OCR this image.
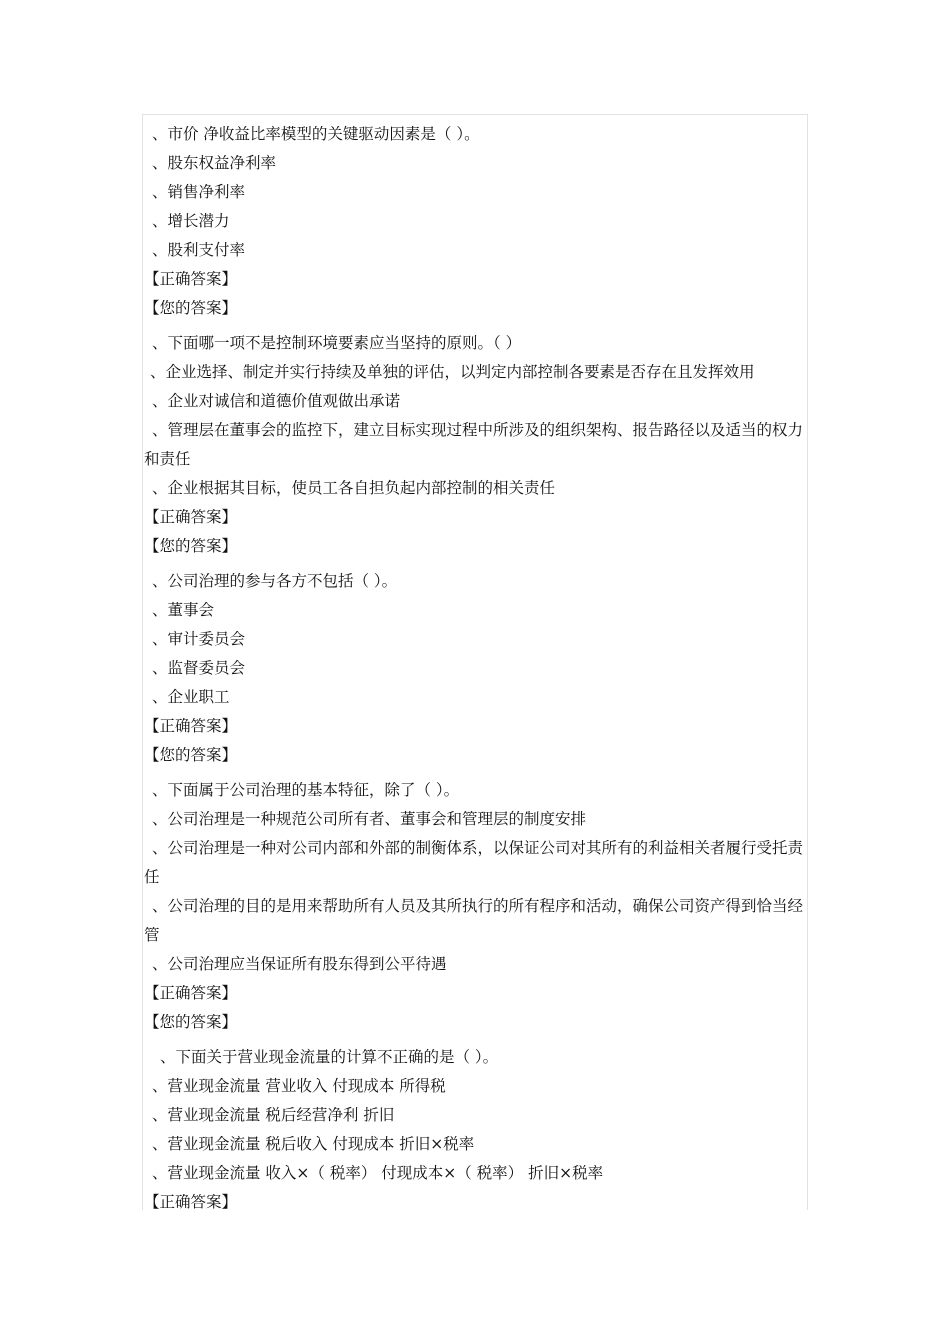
、市价 净收益比率模型的关键驱动因素是（ ）。

、股东权益净利率

、销售净利率

、增长潜力

、股利支付率

【正确答案】

【您的答案】

、下面哪一项不是控制环境要素应当坚持的原则。（ ）

、企业选择、制定并实行持续及单独的评估，以判定内部控制各要素是否存在且发挥效用

、企业对诚信和道德价值观做出承诺

、管理层在董事会的监控下，建立目标实现过程中所涉及的组织架构、报告路径以及适当的权力和责任

、企业根据其目标，使员工各自担负起内部控制的相关责任

【正确答案】

【您的答案】

、公司治理的参与各方不包括（ ）。

、董事会

、审计委员会

、监督委员会

、企业职工

【正确答案】

【您的答案】

、下面属于公司治理的基本特征，除了（ ）。

、公司治理是一种规范公司所有者、董事会和管理层的制度安排

、公司治理是一种对公司内部和外部的制衡体系，以保证公司对其所有的利益相关者履行受托责任

、公司治理的目的是用来帮助所有人员及其所执行的所有程序和活动，确保公司资产得到恰当经管

、公司治理应当保证所有股东得到公平待遇

【正确答案】

【您的答案】

、下面关于营业现金流量的计算不正确的是（ ）。

、营业现金流量 营业收入 付现成本 所得税

、营业现金流量 税后经营净利 折旧

、营业现金流量 税后收入 付现成本 折旧×税率

、营业现金流量 收入×（ 税率） 付现成本×（ 税率） 折旧×税率

【正确答案】
